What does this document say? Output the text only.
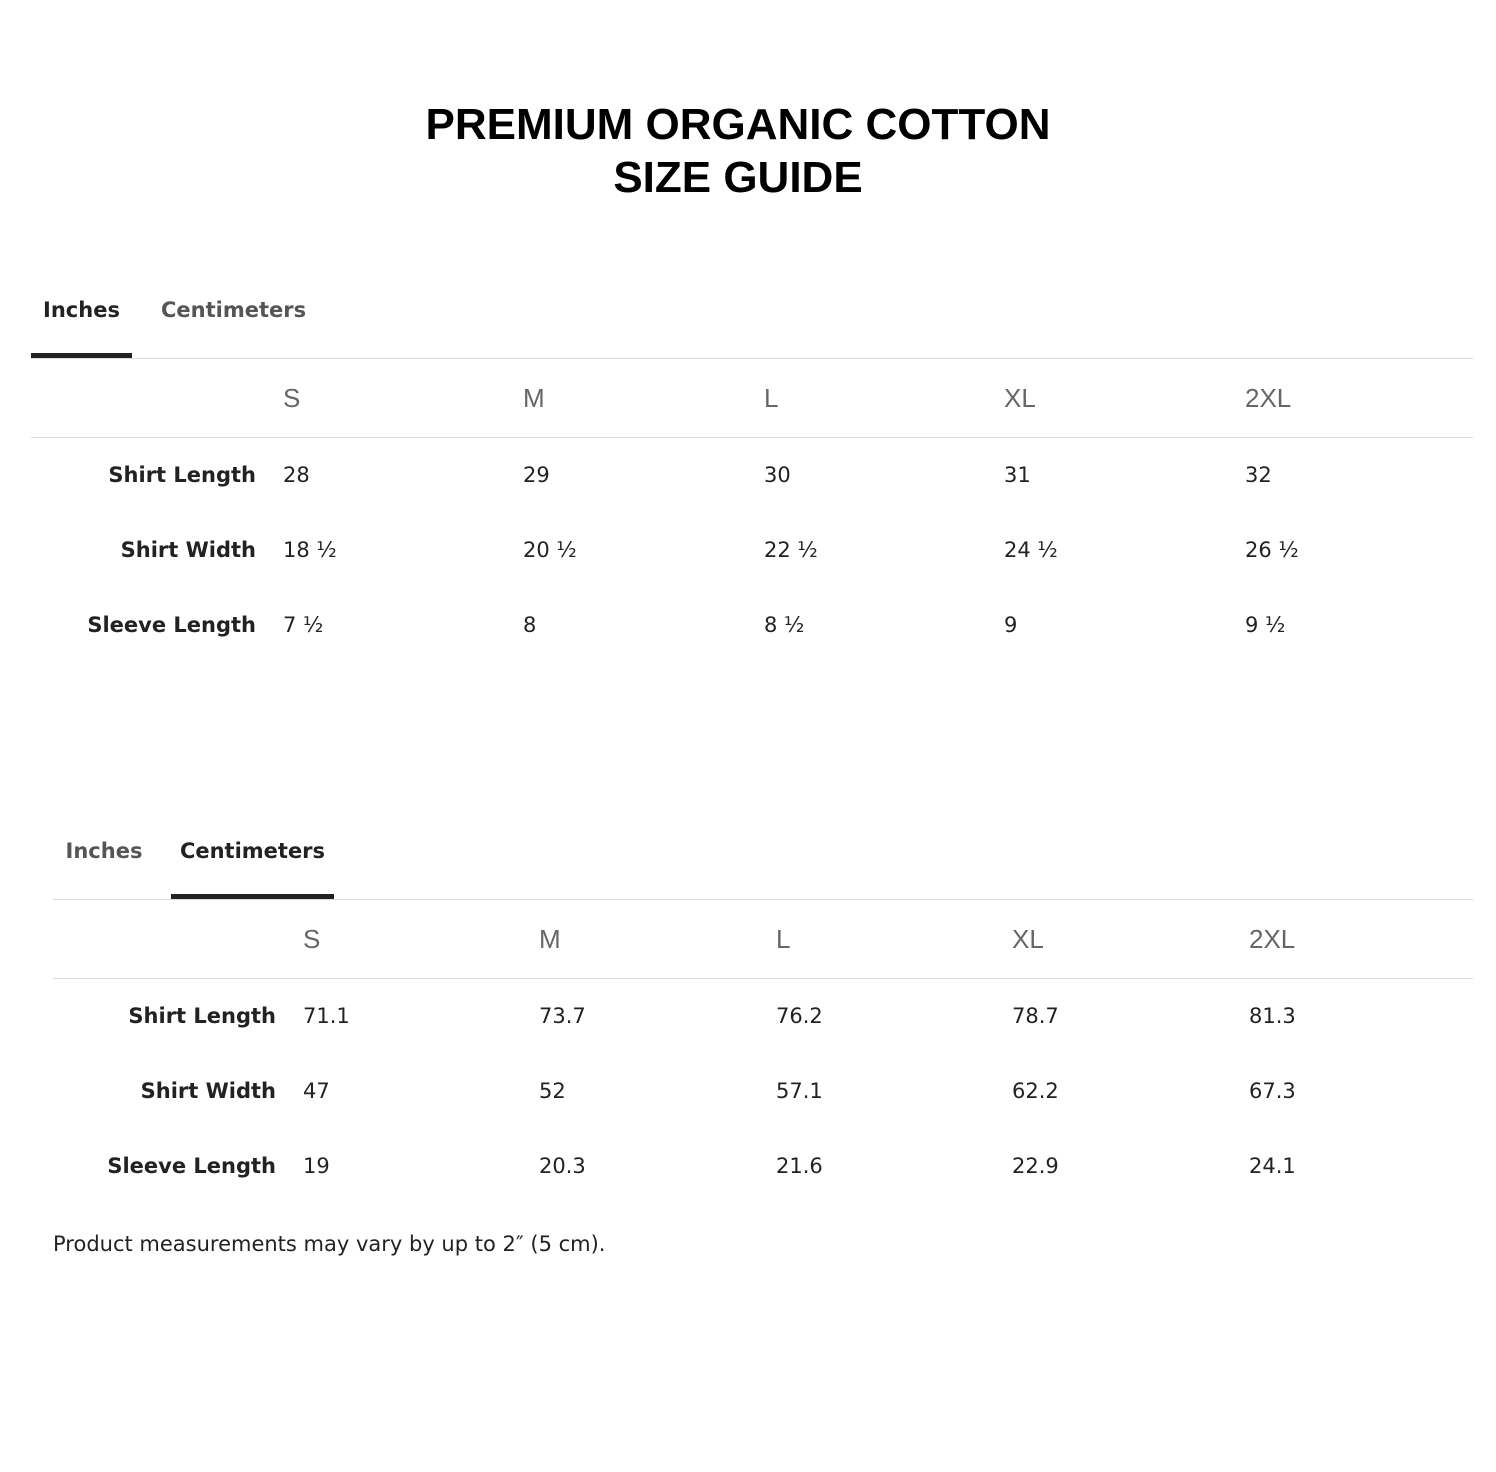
PREMIUM ORGANIC COTTON
SIZE GUIDE
Inches	Centimeters
S	M	L	XL	2XL
Shirt Length 28	29	30	31	32
Shirt Width 18 ½	20 ½	22 ½	24 ½	26 ½
Sleeve Length 7 ½	8	8 ½	9	9 ½
Inches	Centimeters
S	M	L	XL	2XL
Shirt Length 71.1	73.7	76.2	78.7	81.3
Shirt Width 47	52	57.1	62.2	67.3
Sleeve Length 19	20.3	21.6	22.9	24.1
Product measurements may vary by up to 2″ (5 cm).
